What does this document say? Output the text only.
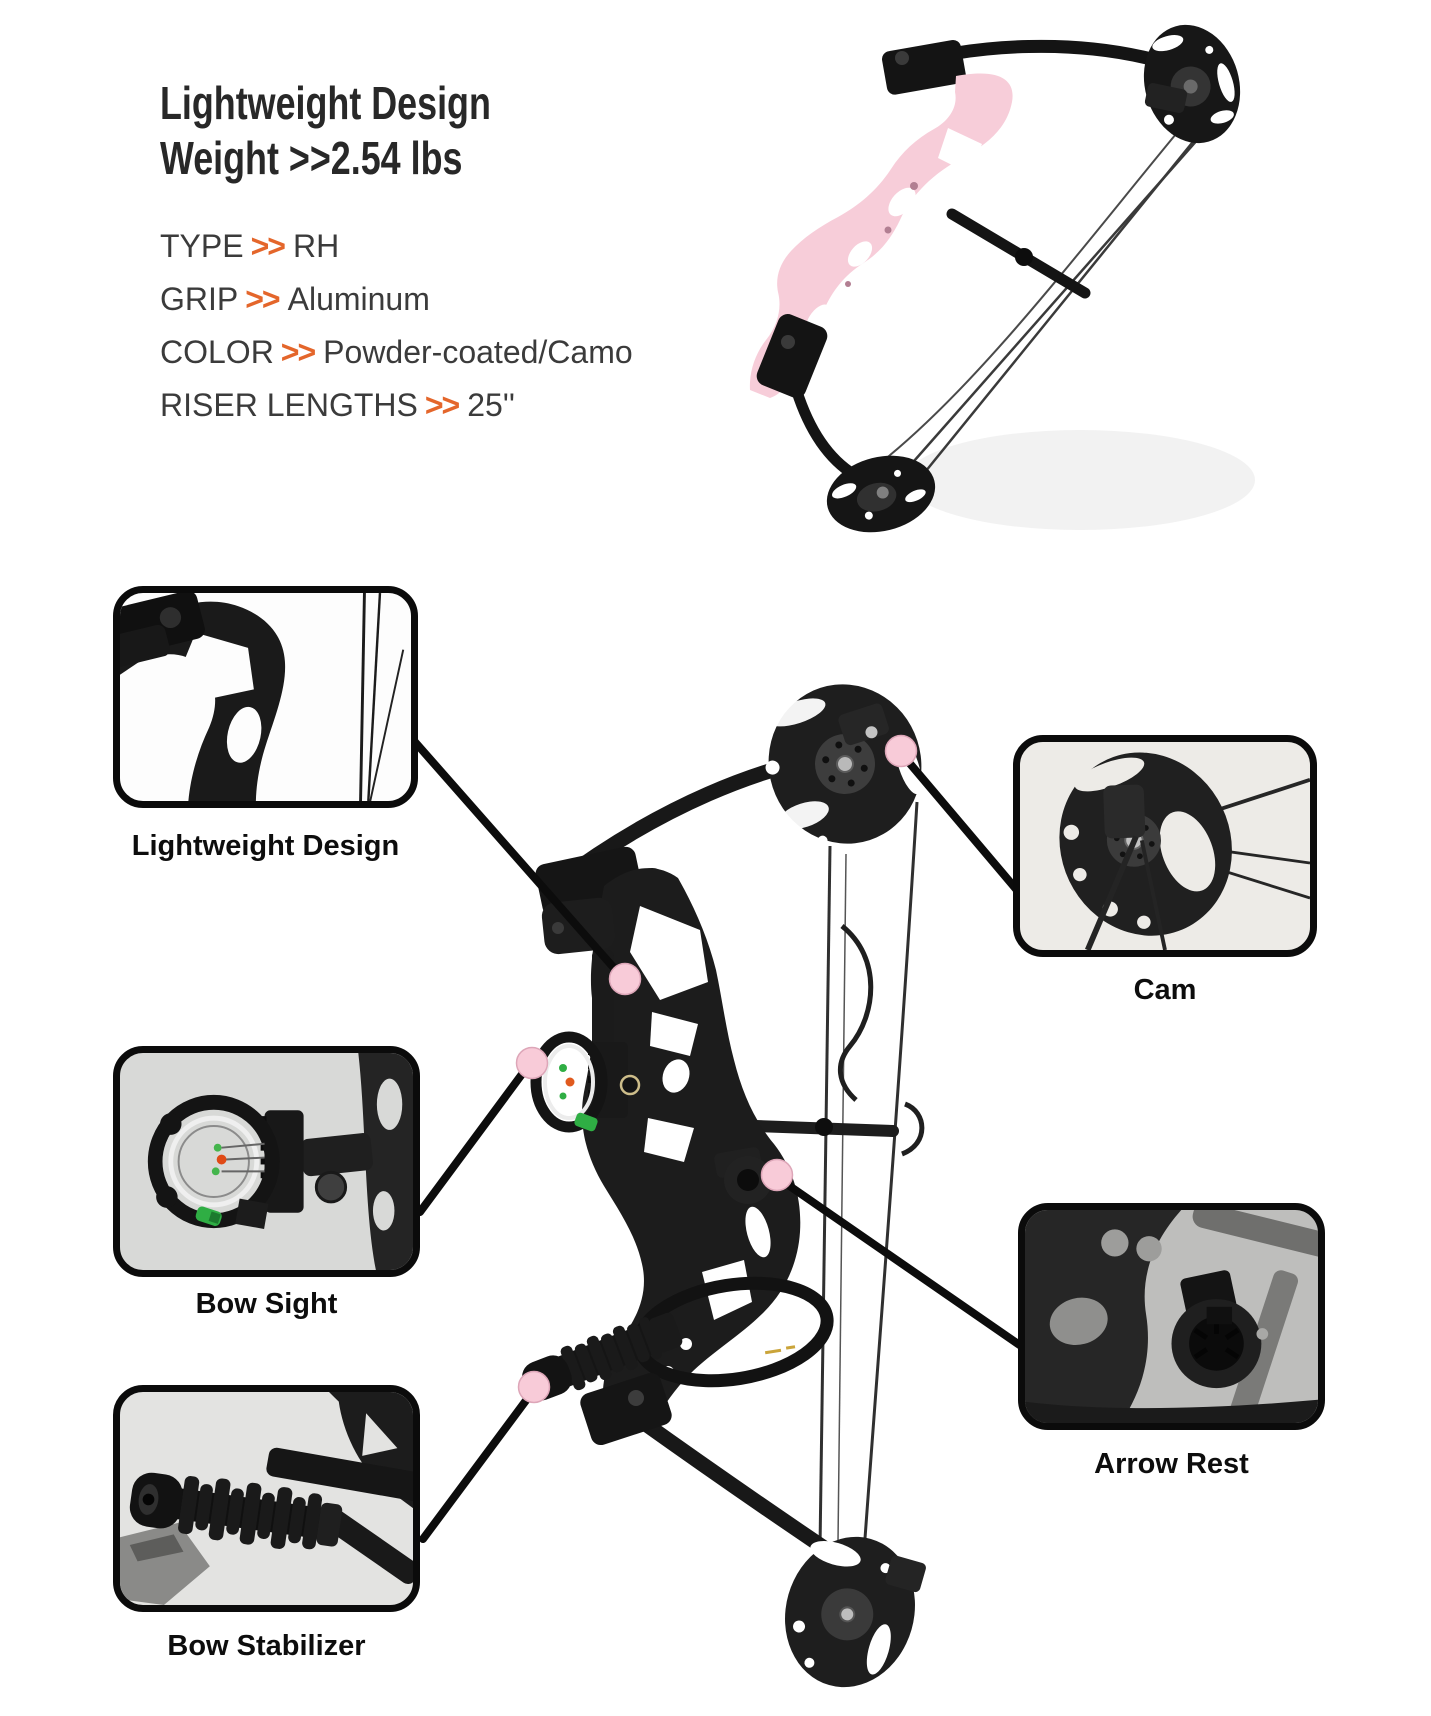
Lightweight Design
Weight >>2.54 lbs
TYPE >> RH
GRIP >> Aluminum
COLOR >> Powder-coated/Camo
RISER LENGTHS >> 25''
Lightweight Design
Cam
Bow Sight
Arrow Rest
Bow Stabilizer
